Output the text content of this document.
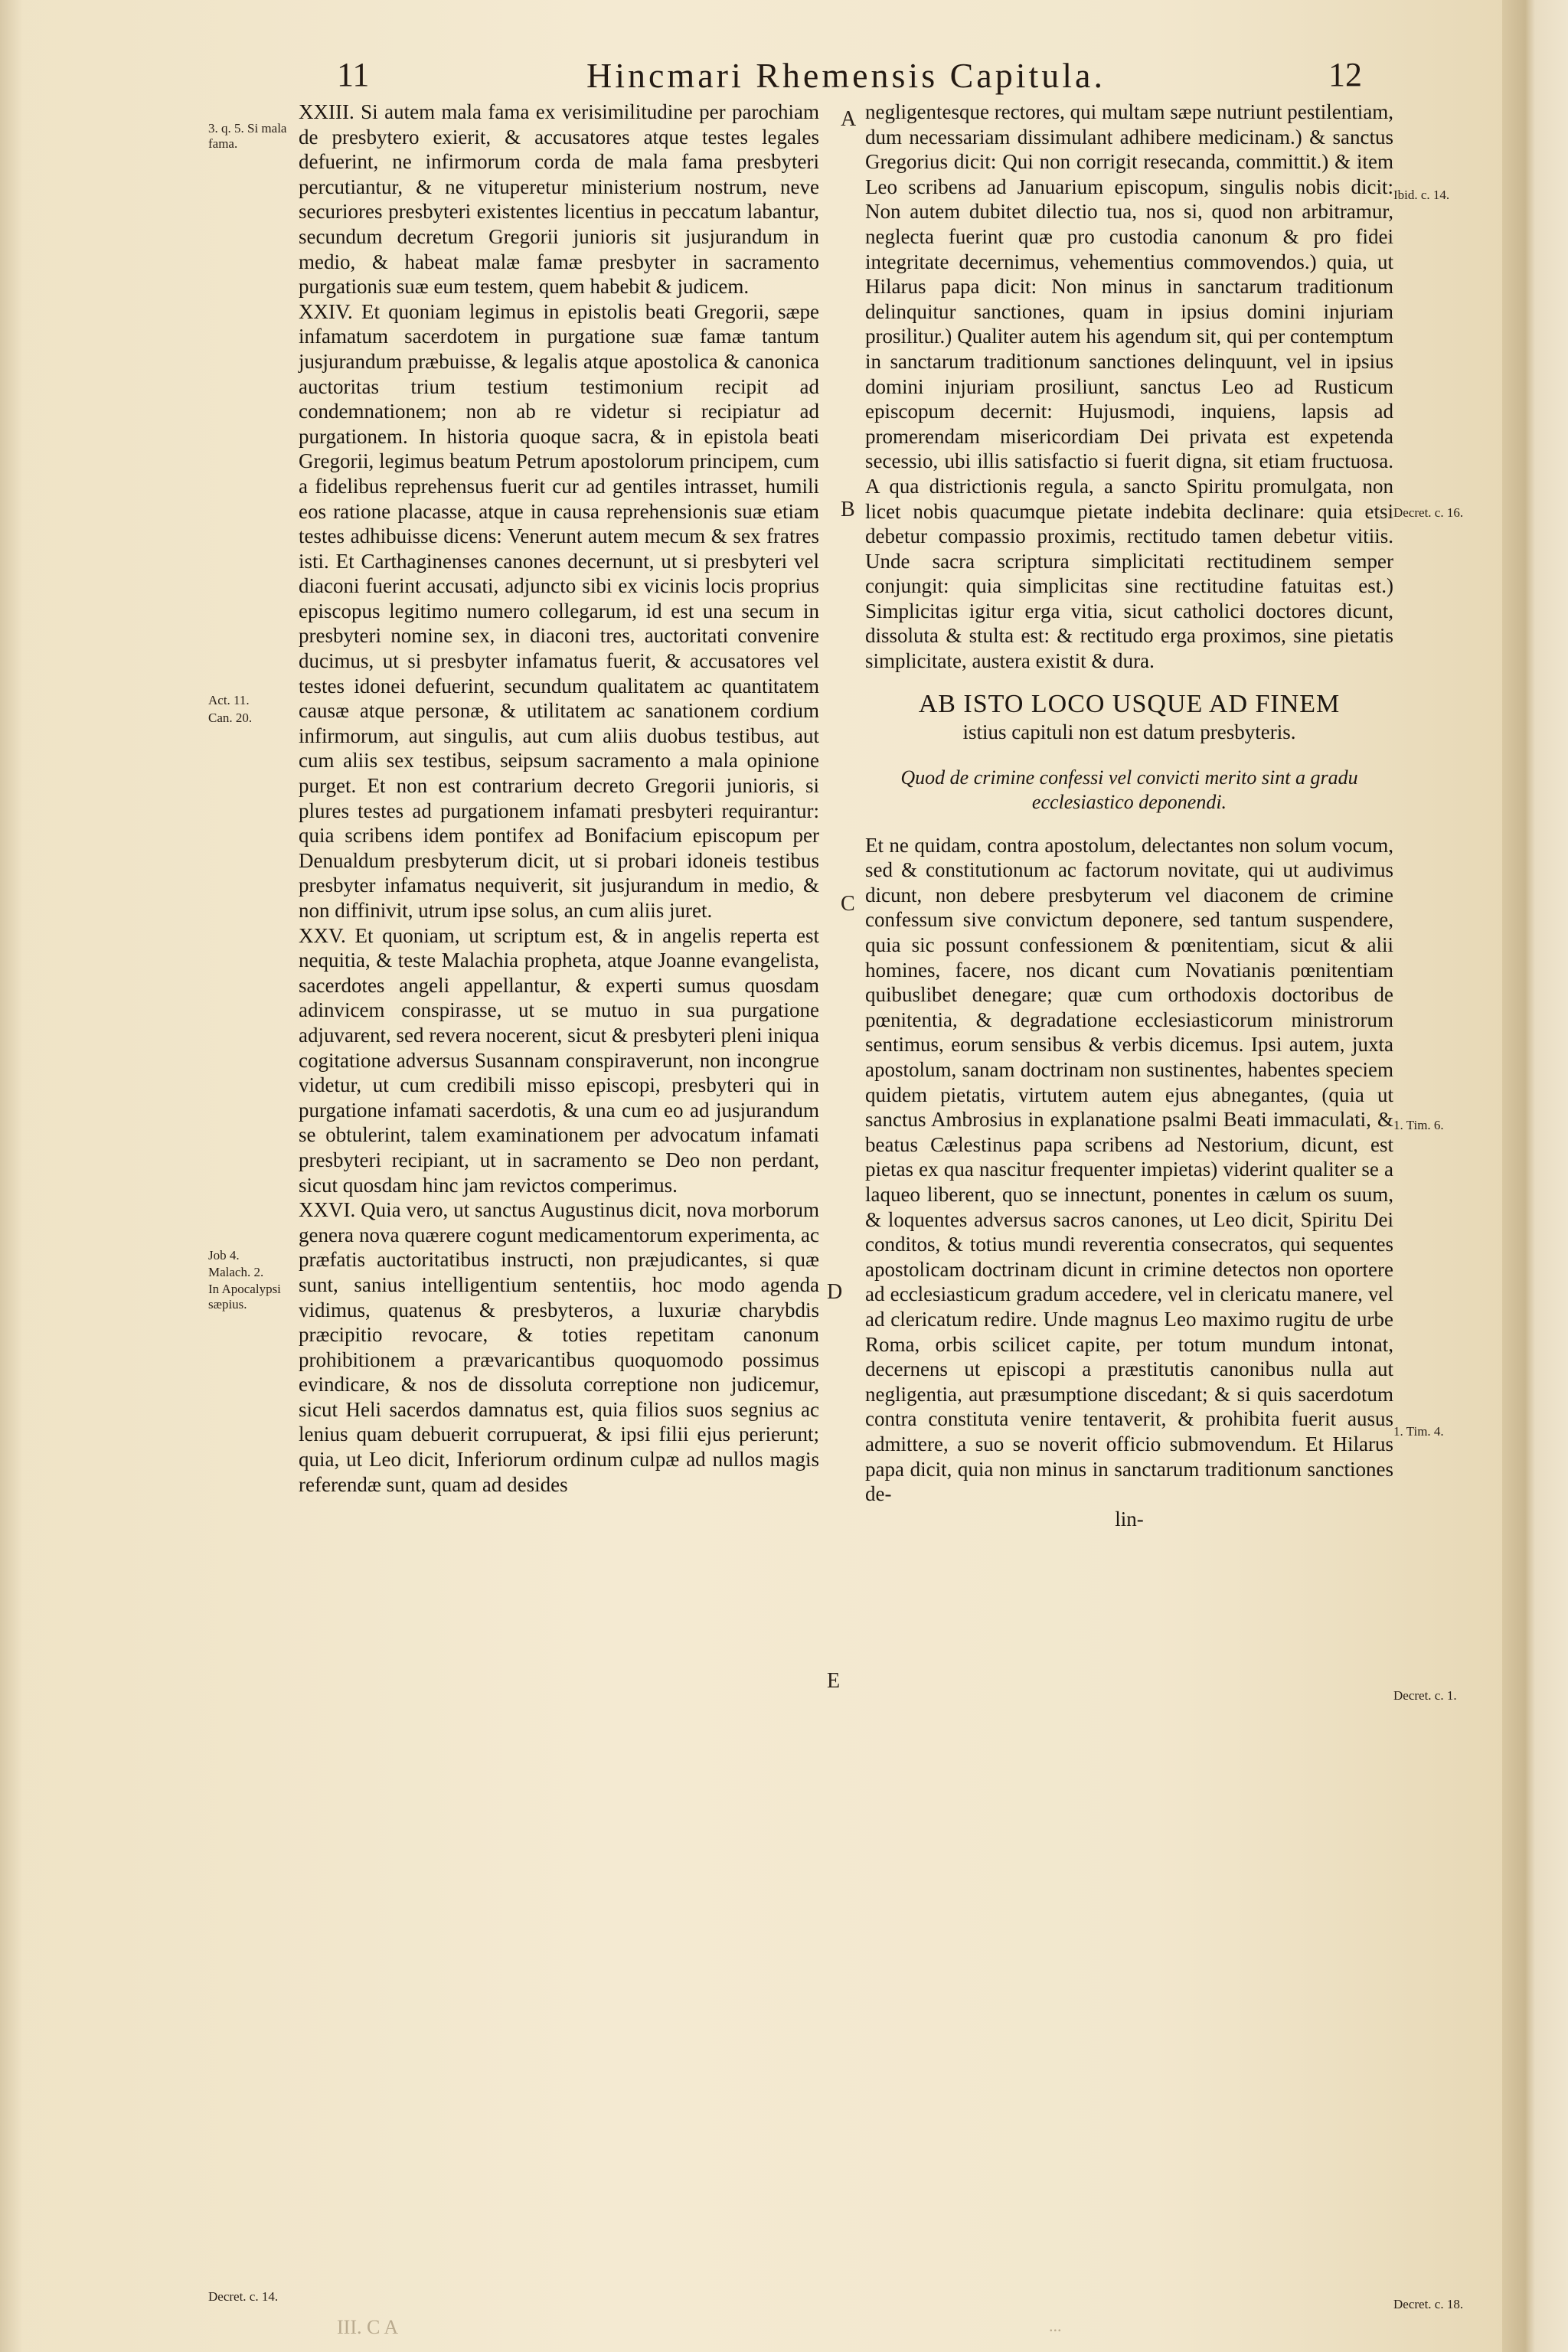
11	Hincmari Rhemensis Capitula.	12
3. q. 5. Si mala fama.
Act. 11.
Can. 20.
Job 4.
Malach. 2.
In Apocalypsi sæpius.
Decret. c. 14.
Ibid. c. 14.
Decret. c. 16.
1. Tim. 6.
1. Tim. 4.
Decret. c. 1.
Decret. c. 18.
A
B
C
D
E

XXIII. Si autem mala fama ex verisimilitudine per parochiam de presbytero exierit, & accusatores atque testes legales defuerint, ne infirmorum corda de mala fama presbyteri percutiantur, & ne vituperetur ministerium nostrum, neve securiores presbyteri existentes licentius in peccatum labantur, secundum decretum Gregorii junioris sit jusjurandum in medio, & habeat malæ famæ presbyter in sacramento purgationis suæ eum testem, quem habebit & judicem.

XXIV. Et quoniam legimus in epistolis beati Gregorii, sæpe infamatum sacerdotem in purgatione suæ famæ tantum jusjurandum præbuisse, & legalis atque apostolica & canonica auctoritas trium testium testimonium recipit ad condemnationem; non ab re videtur si recipiatur ad purgationem. In historia quoque sacra, & in epistola beati Gregorii, legimus beatum Petrum apostolorum principem, cum a fidelibus reprehensus fuerit cur ad gentiles intrasset, humili eos ratione placasse, atque in causa reprehensionis suæ etiam testes adhibuisse dicens: Venerunt autem mecum & sex fratres isti. Et Carthaginenses canones decernunt, ut si presbyteri vel diaconi fuerint accusati, adjuncto sibi ex vicinis locis proprius episcopus legitimo numero collegarum, id est una secum in presbyteri nomine sex, in diaconi tres, auctoritati convenire ducimus, ut si presbyter infamatus fuerit, & accusatores vel testes idonei defuerint, secundum qualitatem ac quantitatem causæ atque personæ, & utilitatem ac sanationem cordium infirmorum, aut singulis, aut cum aliis duobus testibus, aut cum aliis sex testibus, seipsum sacramento a mala opinione purget. Et non est contrarium decreto Gregorii junioris, si plures testes ad purgationem infamati presbyteri requirantur: quia scribens idem pontifex ad Bonifacium episcopum per Denualdum presbyterum dicit, ut si probari idoneis testibus presbyter infamatus nequiverit, sit jusjurandum in medio, & non diffinivit, utrum ipse solus, an cum aliis juret.

XXV. Et quoniam, ut scriptum est, & in angelis reperta est nequitia, & teste Malachia propheta, atque Joanne evangelista, sacerdotes angeli appellantur, & experti sumus quosdam adinvicem conspirasse, ut se mutuo in sua purgatione adjuvarent, sed revera nocerent, sicut & presbyteri pleni iniqua cogitatione adversus Susannam conspiraverunt, non incongrue videtur, ut cum credibili misso episcopi, presbyteri qui in purgatione infamati sacerdotis, & una cum eo ad jusjurandum se obtulerint, talem examinationem per advocatum infamati presbyteri recipiant, ut in sacramento se Deo non perdant, sicut quosdam hinc jam revictos comperimus.

XXVI. Quia vero, ut sanctus Augustinus dicit, nova morborum genera nova quærere cogunt medicamentorum experimenta, ac præfatis auctoritatibus instructi, non præjudicantes, si quæ sunt, sanius intelligentium sententiis, hoc modo agenda vidimus, quatenus & presbyteros, a luxuriæ charybdis præcipitio revocare, & toties repetitam canonum prohibitionem a prævaricantibus quoquomodo possimus evindicare, & nos de dissoluta correptione non judicemur, sicut Heli sacerdos damnatus est, quia filios suos segnius ac lenius quam debuerit corrupuerat, & ipsi filii ejus perierunt; quia, ut Leo dicit, Inferiorum ordinum culpæ ad nullos magis referendæ sunt, quam ad desides

negligentesque rectores, qui multam sæpe nutriunt pestilentiam, dum necessariam dissimulant adhibere medicinam.) & sanctus Gregorius dicit: Qui non corrigit resecanda, committit.) & item Leo scribens ad Januarium episcopum, singulis nobis dicit: Non autem dubitet dilectio tua, nos si, quod non arbitramur, neglecta fuerint quæ pro custodia canonum & pro fidei integritate decernimus, vehementius commovendos.) quia, ut Hilarus papa dicit: Non minus in sanctarum traditionum delinquitur sanctiones, quam in ipsius domini injuriam prosilitur.) Qualiter autem his agendum sit, qui per contemptum in sanctarum traditionum sanctiones delinquunt, vel in ipsius domini injuriam prosiliunt, sanctus Leo ad Rusticum episcopum decernit: Hujusmodi, inquiens, lapsis ad promerendam misericordiam Dei privata est expetenda secessio, ubi illis satisfactio si fuerit digna, sit etiam fructuosa. A qua districtionis regula, a sancto Spiritu promulgata, non licet nobis quacumque pietate indebita declinare: quia etsi debetur compassio proximis, rectitudo tamen debetur vitiis. Unde sacra scriptura simplicitati rectitudinem semper conjungit: quia simplicitas sine rectitudine fatuitas est.) Simplicitas igitur erga vitia, sicut catholici doctores dicunt, dissoluta & stulta est: & rectitudo erga proximos, sine pietatis simplicitate, austera existit & dura.

AB ISTO LOCO USQUE AD FINEM

istius capituli non est datum presbyteris.

Quod de crimine confessi vel convicti merito sint a gradu ecclesiastico deponendi.

Et ne quidam, contra apostolum, delectantes non solum vocum, sed & constitutionum ac factorum novitate, qui ut audivimus dicunt, non debere presbyterum vel diaconem de crimine confessum sive convictum deponere, sed tantum suspendere, quia sic possunt confessionem & pœnitentiam, sicut & alii homines, facere, nos dicant cum Novatianis pœnitentiam quibuslibet denegare; quæ cum orthodoxis doctoribus de pœnitentia, & degradatione ecclesiasticorum ministrorum sentimus, eorum sensibus & verbis dicemus. Ipsi autem, juxta apostolum, sanam doctrinam non sustinentes, habentes speciem quidem pietatis, virtutem autem ejus abnegantes, (quia ut sanctus Ambrosius in explanatione psalmi Beati immaculati, & beatus Cælestinus papa scribens ad Nestorium, dicunt, est pietas ex qua nascitur frequenter impietas) viderint qualiter se a laqueo liberent, quo se innectunt, ponentes in cælum os suum, & loquentes adversus sacros canones, ut Leo dicit, Spiritu Dei conditos, & totius mundi reverentia consecratos, qui sequentes apostolicam doctrinam dicunt in crimine detectos non oportere ad ecclesiasticum gradum accedere, vel in clericatu manere, vel ad clericatum redire. Unde magnus Leo maximo rugitu de urbe Roma, orbis scilicet capite, per totum mundum intonat, decernens ut episcopi a præstitutis canonibus nulla aut negligentia, aut præsumptione discedant; & si quis sacerdotum contra constituta venire tentaverit, & prohibita fuerit ausus admittere, a suo se noverit officio submovendum. Et Hilarus papa dicit, quia non minus in sanctarum traditionum sanctiones de-

lin-

III. C A	...
